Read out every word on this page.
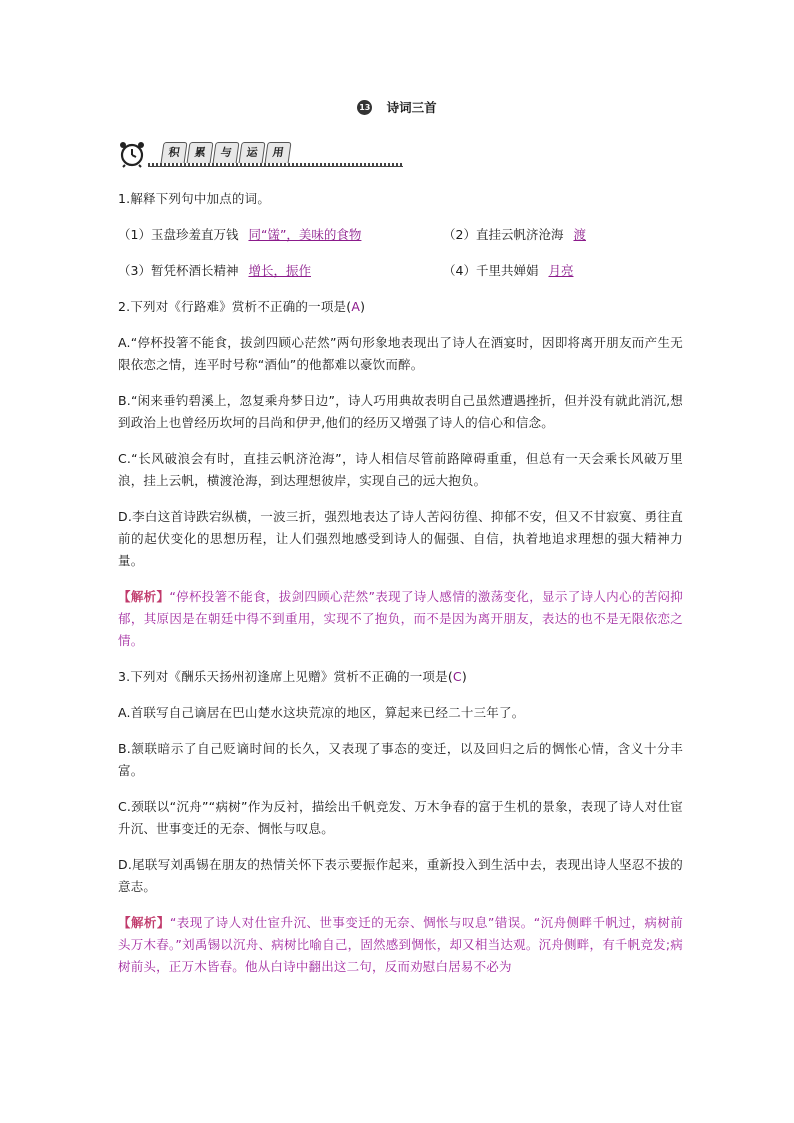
13 诗词三首
积	累	与	运	用

1.解释下列句中加点的词。

（1）玉盘珍羞直万钱 同“馐”，美味的食物	（2）直挂云帆济沧海 渡
（3）暂凭杯酒长精神 增长，振作	（4）千里共婵娟 月亮

2.下列对《行路难》赏析不正确的一项是(A)

A.“停杯投箸不能食，拔剑四顾心茫然”两句形象地表现出了诗人在酒宴时，因即将离开朋友而产生无限依恋之情，连平时号称“酒仙”的他都难以豪饮而醉。

B.“闲来垂钓碧溪上，忽复乘舟梦日边”，诗人巧用典故表明自己虽然遭遇挫折，但并没有就此消沉,想到政治上也曾经历坎坷的吕尚和伊尹,他们的经历又增强了诗人的信心和信念。

C.“长风破浪会有时，直挂云帆济沧海”，诗人相信尽管前路障碍重重，但总有一天会乘长风破万里浪，挂上云帆，横渡沧海，到达理想彼岸，实现自己的远大抱负。

D.李白这首诗跌宕纵横，一波三折，强烈地表达了诗人苦闷彷徨、抑郁不安，但又不甘寂寞、勇往直前的起伏变化的思想历程，让人们强烈地感受到诗人的倔强、自信，执着地追求理想的强大精神力量。

【解析】“停杯投箸不能食，拔剑四顾心茫然”表现了诗人感情的激荡变化，显示了诗人内心的苦闷抑郁，其原因是在朝廷中得不到重用，实现不了抱负，而不是因为离开朋友，表达的也不是无限依恋之情。

3.下列对《酬乐天扬州初逢席上见赠》赏析不正确的一项是(C)

A.首联写自己谪居在巴山楚水这块荒凉的地区，算起来已经二十三年了。

B.颔联暗示了自己贬谪时间的长久，又表现了事态的变迁，以及回归之后的惆怅心情，含义十分丰富。

C.颈联以“沉舟”“病树”作为反衬，描绘出千帆竞发、万木争春的富于生机的景象，表现了诗人对仕宦升沉、世事变迁的无奈、惆怅与叹息。

D.尾联写刘禹锡在朋友的热情关怀下表示要振作起来，重新投入到生活中去，表现出诗人坚忍不拔的意志。

【解析】“表现了诗人对仕宦升沉、世事变迁的无奈、惆怅与叹息”错误。“沉舟侧畔千帆过，病树前头万木春。”刘禹锡以沉舟、病树比喻自己，固然感到惆怅，却又相当达观。沉舟侧畔，有千帆竞发;病树前头，正万木皆春。他从白诗中翻出这二句，反而劝慰白居易不必为
